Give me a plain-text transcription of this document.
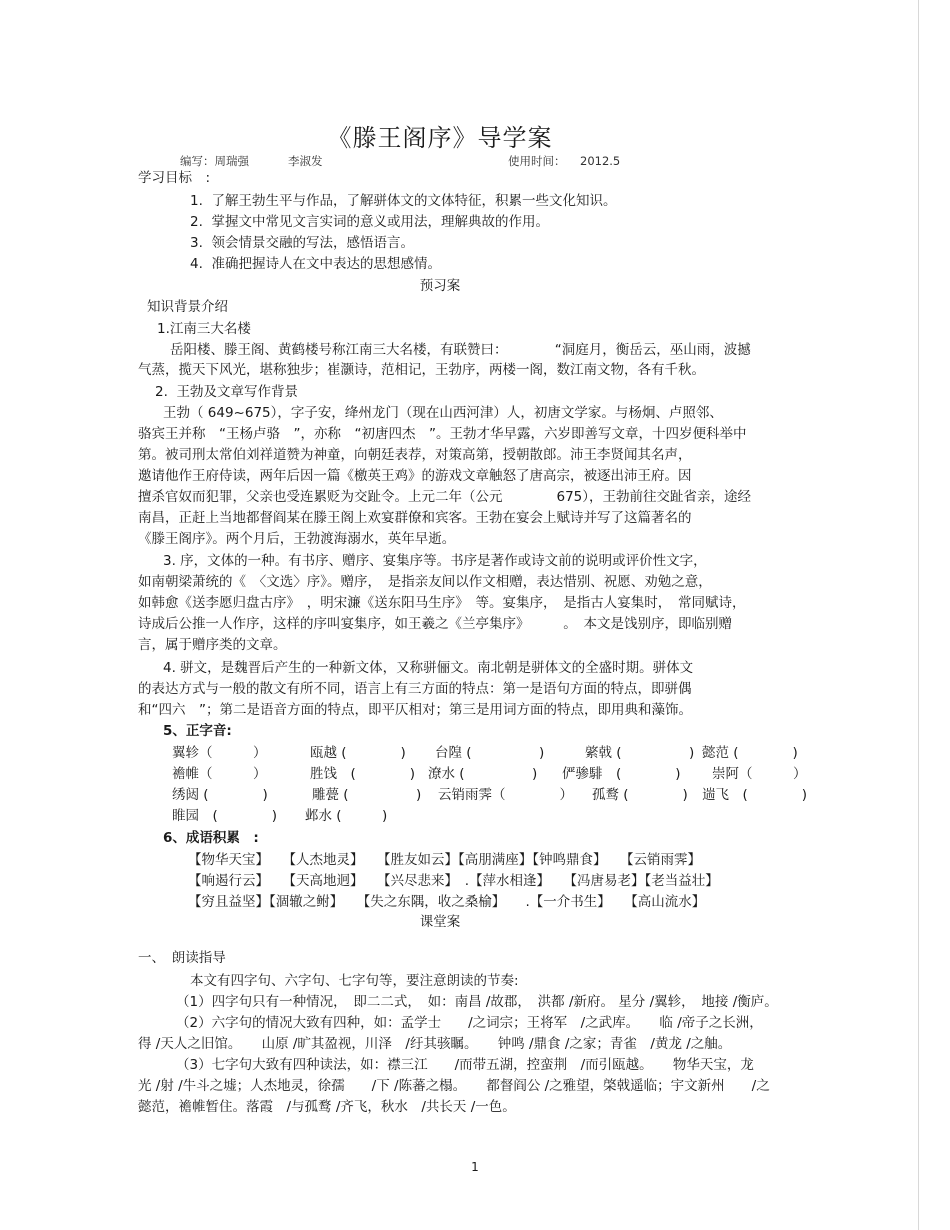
《滕王阁序》导学案
编写：周瑞强	李淑发	使用时间： 2012.5
学习目标　:
1.  了解王勃生平与作品，了解骈体文的文体特征，积累一些文化知识。
2.  掌握文中常见文言实词的意义或用法，理解典故的作用。
3.  领会情景交融的写法，感悟语言。
4.  准确把握诗人在文中表达的思想感情。
预习案
知识背景介绍
1.江南三大名楼
岳阳楼、滕王阁、黄鹤楼号称江南三大名楼，有联赞曰：　　　　“洞庭月，衡岳云，巫山雨，波撼
气蒸，揽天下风光，堪称独步；崔灏诗，范相记，王勃序，两楼一阁，数江南文物，各有千秋。
2.  王勃及文章写作背景
王勃（ 649~675），字子安，绛州龙门（现在山西河津）人，初唐文学家。与杨炯、卢照邻、
骆宾王并称　“王杨卢骆　”，亦称　“初唐四杰　”。王勃才华早露，六岁即善写文章，十四岁便科举中
第。被司刑太常伯刘祥道赞为神童，向朝廷表荐，对策高第，授朝散郎。沛王李贤闻其名声，
邀请他作王府侍读，两年后因一篇《檄英王鸡》的游戏文章触怒了唐高宗，被逐出沛王府。因
擅杀官奴而犯罪，父亲也受连累贬为交趾令。上元二年（公元　　　　675），王勃前往交趾省亲，途经
南昌，正赶上当地都督阎某在滕王阁上欢宴群僚和宾客。王勃在宴会上赋诗并写了这篇著名的
《滕王阁序》。两个月后，王勃渡海溺水，英年早逝。
3. 序，文体的一种。有书序、赠序、宴集序等。书序是著作或诗文前的说明或评价性文字，
如南朝梁萧统的《　〈文选〉序》。赠序，　是指亲友间以作文相赠，表达惜别、祝愿、劝勉之意，
如韩愈《送李愿归盘古序》　，明宋濂《送东阳马生序》　等。宴集序，　是指古人宴集时，　常同赋诗，
诗成后公推一人作序，这样的序叫宴集序，如王羲之《兰亭集序》　　　。　本文是饯别序，即临别赠
言，属于赠序类的文章。
4. 骈文，是魏晋后产生的一种新文体，又称骈俪文。南北朝是骈体文的全盛时期。骈体文
的表达方式与一般的散文有所不同，语言上有三方面的特点：第一是语句方面的特点，即骈偶
和“四六　”；第二是语音方面的特点，即平仄相对；第三是用词方面的特点，即用典和藻饰。
5、正字音:
翼轸（　　　）	瓯越 (　　　　) 台隍 (　　　　　)	綮戟 (　　　　　) 懿范 (　　　　)
襜帷（　　　）	胜饯　(　　　　) 潦水 (　　　　　) 俨骖騑　(　　　　) 崇阿（　　　）
绣闼 (　　　　)	雕甍 (　　　　　) 云销雨霁（　　　　） 孤鹜 (　　　　) 遄飞　(　　　　)
睢园　(　　　　) 邺水 (　　　)
6、成语积累　:
【物华天宝】　　【人杰地灵】　　【胜友如云】【高朋满座】【钟鸣鼎食】　　【云销雨霁】
【响遏行云】　　【天高地迥】　　【兴尽悲来】　.【萍水相逢】　　【冯唐易老】【老当益壮】
【穷且益坚】【涸辙之鲋】　　【失之东隅，收之桑榆】　　.【一介书生】　　【高山流水】
课堂案
一、　朗读指导
本文有四字句、六字句、七字句等，要注意朗读的节奏:
（1）四字句只有一种情况，　即二二式，　如：南昌 /故郡，　洪都 /新府。 星分 /翼轸，　地接 /衡庐。
（2）六字句的情况大致有四种，如：孟学士　　/之词宗；王将军　/之武库。　　临 /帝子之长洲，
得 /天人之旧馆。　　山原 /旷其盈视，川泽　/纡其骇瞩。　　钟鸣 /鼎食 /之家；青雀　/黄龙 /之舳。
（3）七字句大致有四种读法，如：襟三江　　/而带五湖，控蛮荆　/而引瓯越。　　物华天宝，龙
光 /射 /牛斗之墟；人杰地灵，徐孺　　/下 /陈蕃之榻。　　都督阎公 /之雅望，棨戟遥临；宇文新州　　/之
懿范，襜帷暂住。落霞　/与孤鹜 /齐飞，秋水　/共长天 /一色。
1
